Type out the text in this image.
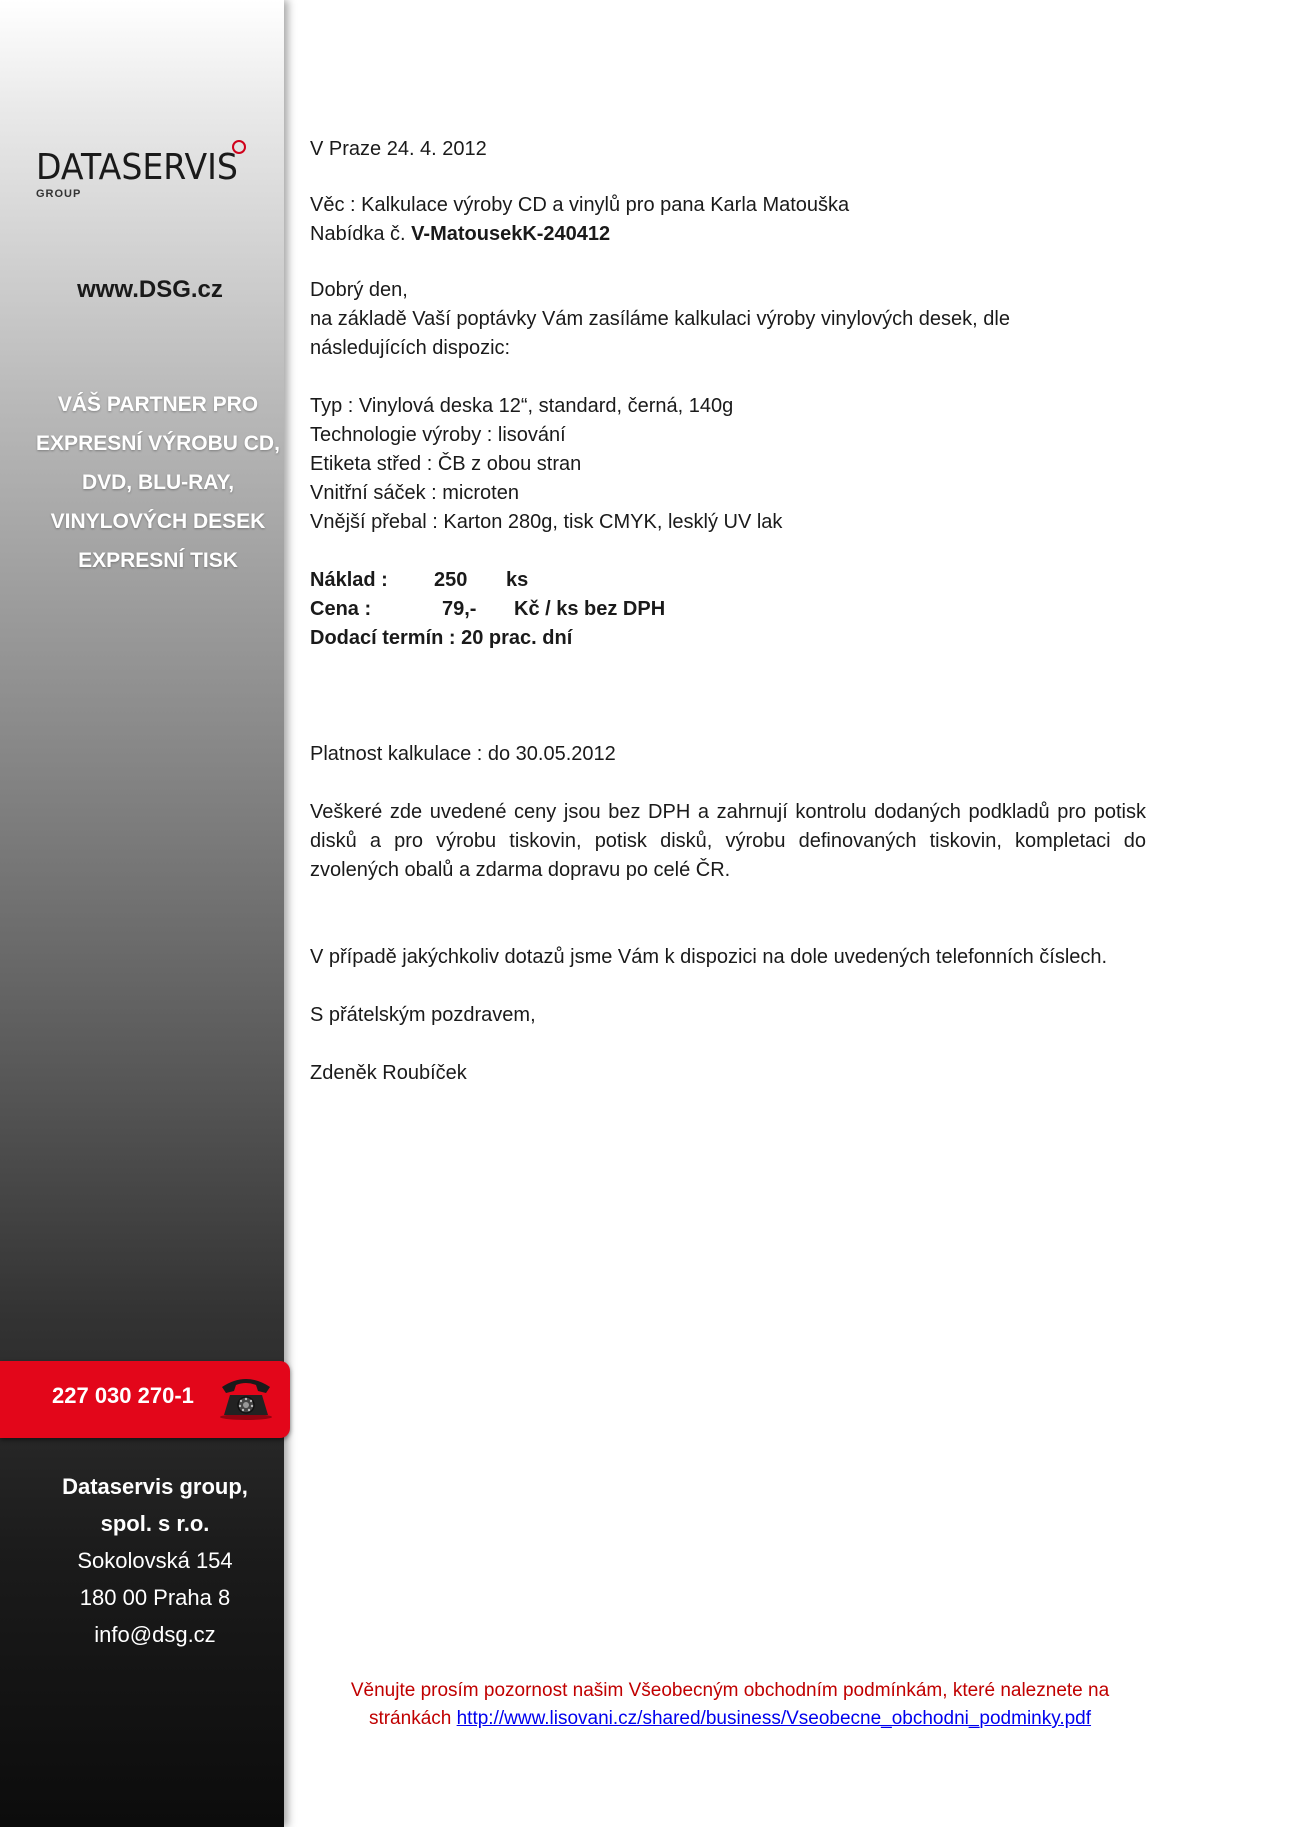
DATASERVIS
GROUP
www.DSG.cz
VÁŠ PARTNER PRO
EXPRESNÍ VÝROBU CD,
DVD, BLU-RAY,
VINYLOVÝCH DESEK
EXPRESNÍ TISK
227 030 270-1
Dataservis group,
spol. s r.o.
Sokolovská 154
180 00 Praha 8
info@dsg.cz

V Praze 24. 4. 2012

Věc : Kalkulace výroby CD a vinylů pro pana Karla Matouška

Nabídka č. V-MatousekK-240412

Dobrý den,

na základě Vaší poptávky Vám zasíláme kalkulaci výroby vinylových desek, dle

následujících dispozic:

Typ : Vinylová deska 12“, standard, černá, 140g

Technologie výroby : lisování

Etiketa střed : ČB z obou stran

Vnitřní sáček : microten

Vnější přebal : Karton 280g, tisk CMYK, lesklý UV lak

Náklad :	250	ks
Cena :	79,-	Kč / ks bez DPH

Dodací termín : 20 prac. dní

Platnost kalkulace : do 30.05.2012

Veškeré zde uvedené ceny jsou bez DPH a zahrnují kontrolu dodaných podkladů pro potisk disků a pro výrobu tiskovin, potisk disků, výrobu definovaných tiskovin, kompletaci do zvolených obalů a zdarma dopravu po celé ČR.

V případě jakýchkoliv dotazů jsme Vám k dispozici na dole uvedených telefonních číslech.

S přátelským pozdravem,

Zdeněk Roubíček

Věnujte prosím pozornost našim Všeobecným obchodním podmínkám, které naleznete na
stránkách http://www.lisovani.cz/shared/business/Vseobecne_obchodni_podminky.pdf
